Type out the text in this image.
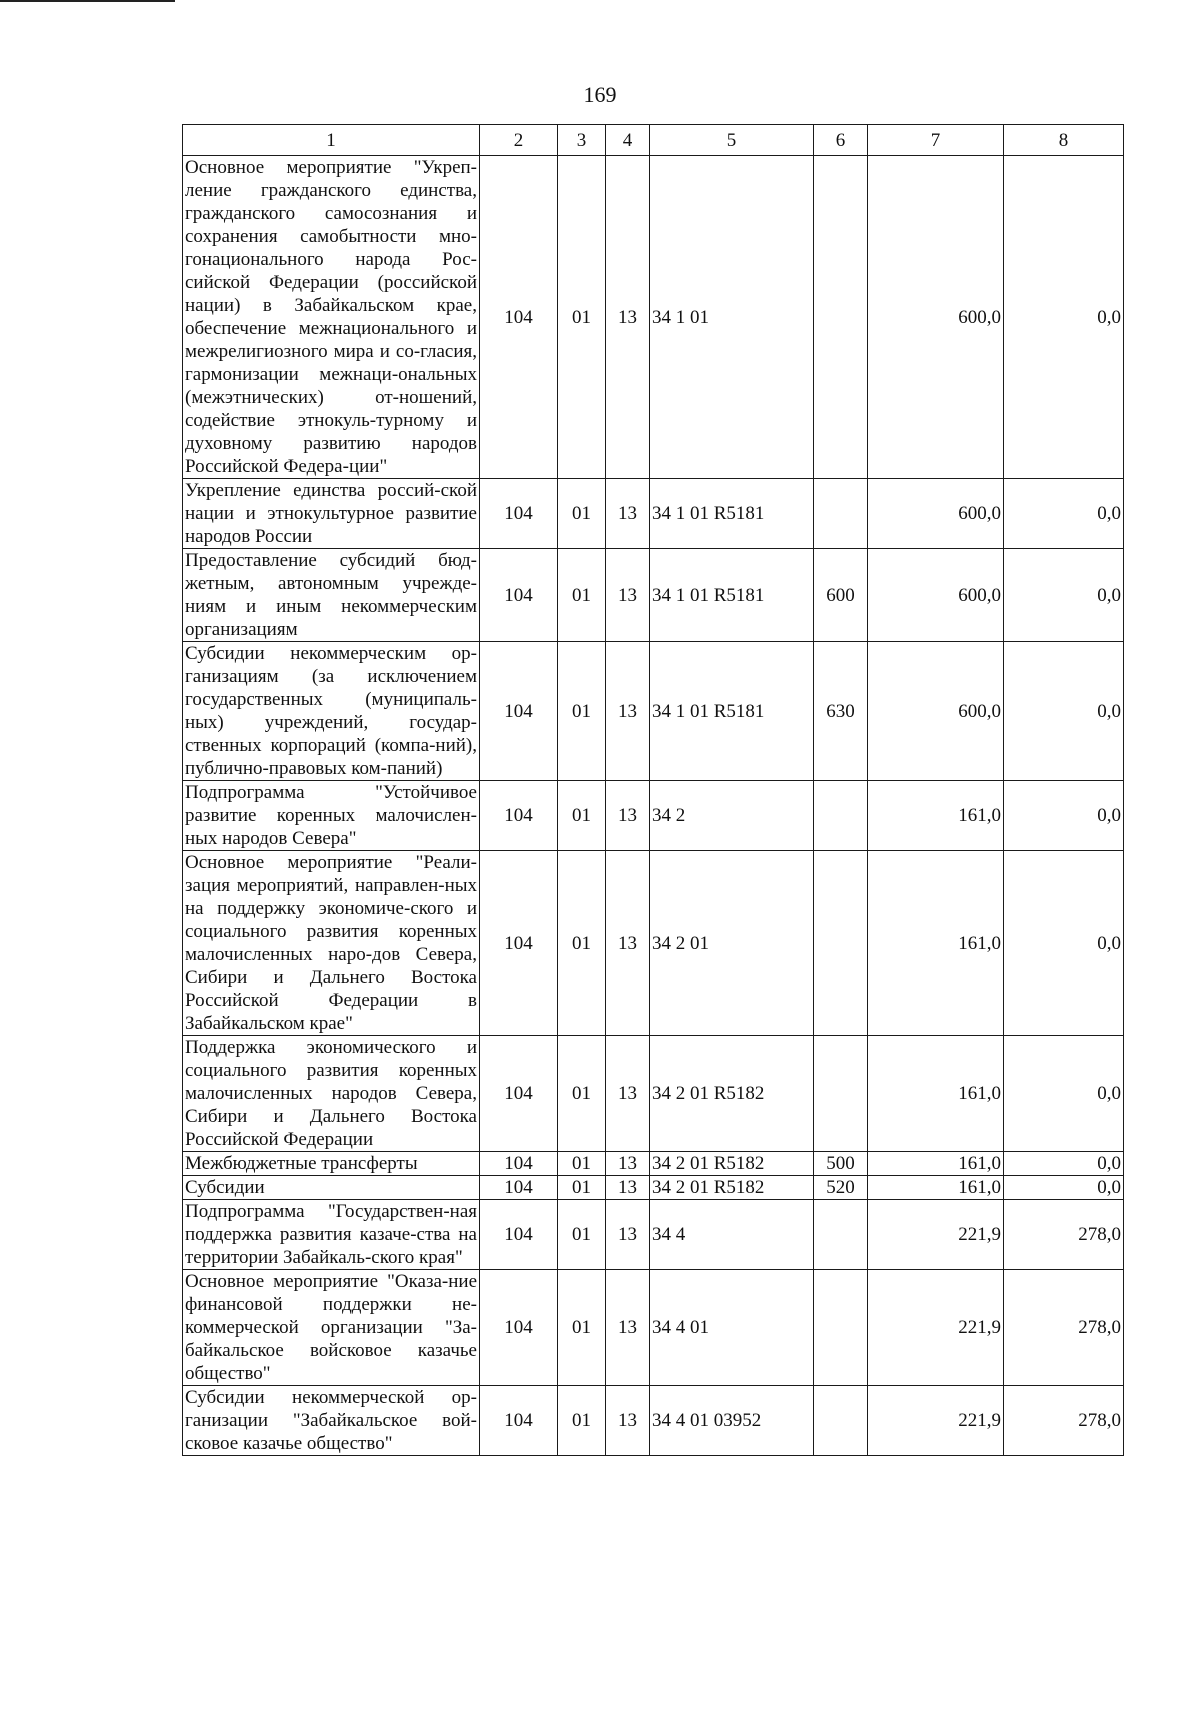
169
1	2	3	4	5	6	7	8
Основное мероприятие "Укреп-ление гражданского единства, гражданского самосознания и сохранения самобытности мно-гонационального народа Рос-сийской Федерации (российской нации) в Забайкальском крае, обеспечение межнационального и межрелигиозного мира и со-гласия, гармонизации межнаци-ональных (межэтнических) от-ношений, содействие этнокуль-турному и духовному развитию народов Российской Федера-ции"	104	01	13	34 1 01		600,0	0,0
Укрепление единства россий-ской нации и этнокультурное развитие народов России	104	01	13	34 1 01 R5181		600,0	0,0
Предоставление субсидий бюд-жетным, автономным учрежде-ниям и иным некоммерческим организациям	104	01	13	34 1 01 R5181	600	600,0	0,0
Субсидии некоммерческим ор-ганизациям (за исключением государственных (муниципаль-ных) учреждений, государ-ственных корпораций (компа-ний), публично-правовых ком-паний)	104	01	13	34 1 01 R5181	630	600,0	0,0
Подпрограмма "Устойчивое развитие коренных малочислен-ных народов Севера"	104	01	13	34 2		161,0	0,0
Основное мероприятие "Реали-зация мероприятий, направлен-ных на поддержку экономиче-ского и социального развития коренных малочисленных наро-дов Севера, Сибири и Дальнего Востока Российской Федерации в Забайкальском крае"	104	01	13	34 2 01		161,0	0,0
Поддержка экономического и социального развития коренных малочисленных народов Севера, Сибири и Дальнего Востока Российской Федерации	104	01	13	34 2 01 R5182		161,0	0,0
Межбюджетные трансферты	104	01	13	34 2 01 R5182	500	161,0	0,0
Субсидии	104	01	13	34 2 01 R5182	520	161,0	0,0
Подпрограмма "Государствен-ная поддержка развития казаче-ства на территории Забайкаль-ского края"	104	01	13	34 4		221,9	278,0
Основное мероприятие "Оказа-ние финансовой поддержки не-коммерческой организации "За-байкальское войсковое казачье общество"	104	01	13	34 4 01		221,9	278,0
Субсидии некоммерческой ор-ганизации "Забайкальское вой-сковое казачье общество"	104	01	13	34 4 01 03952		221,9	278,0
